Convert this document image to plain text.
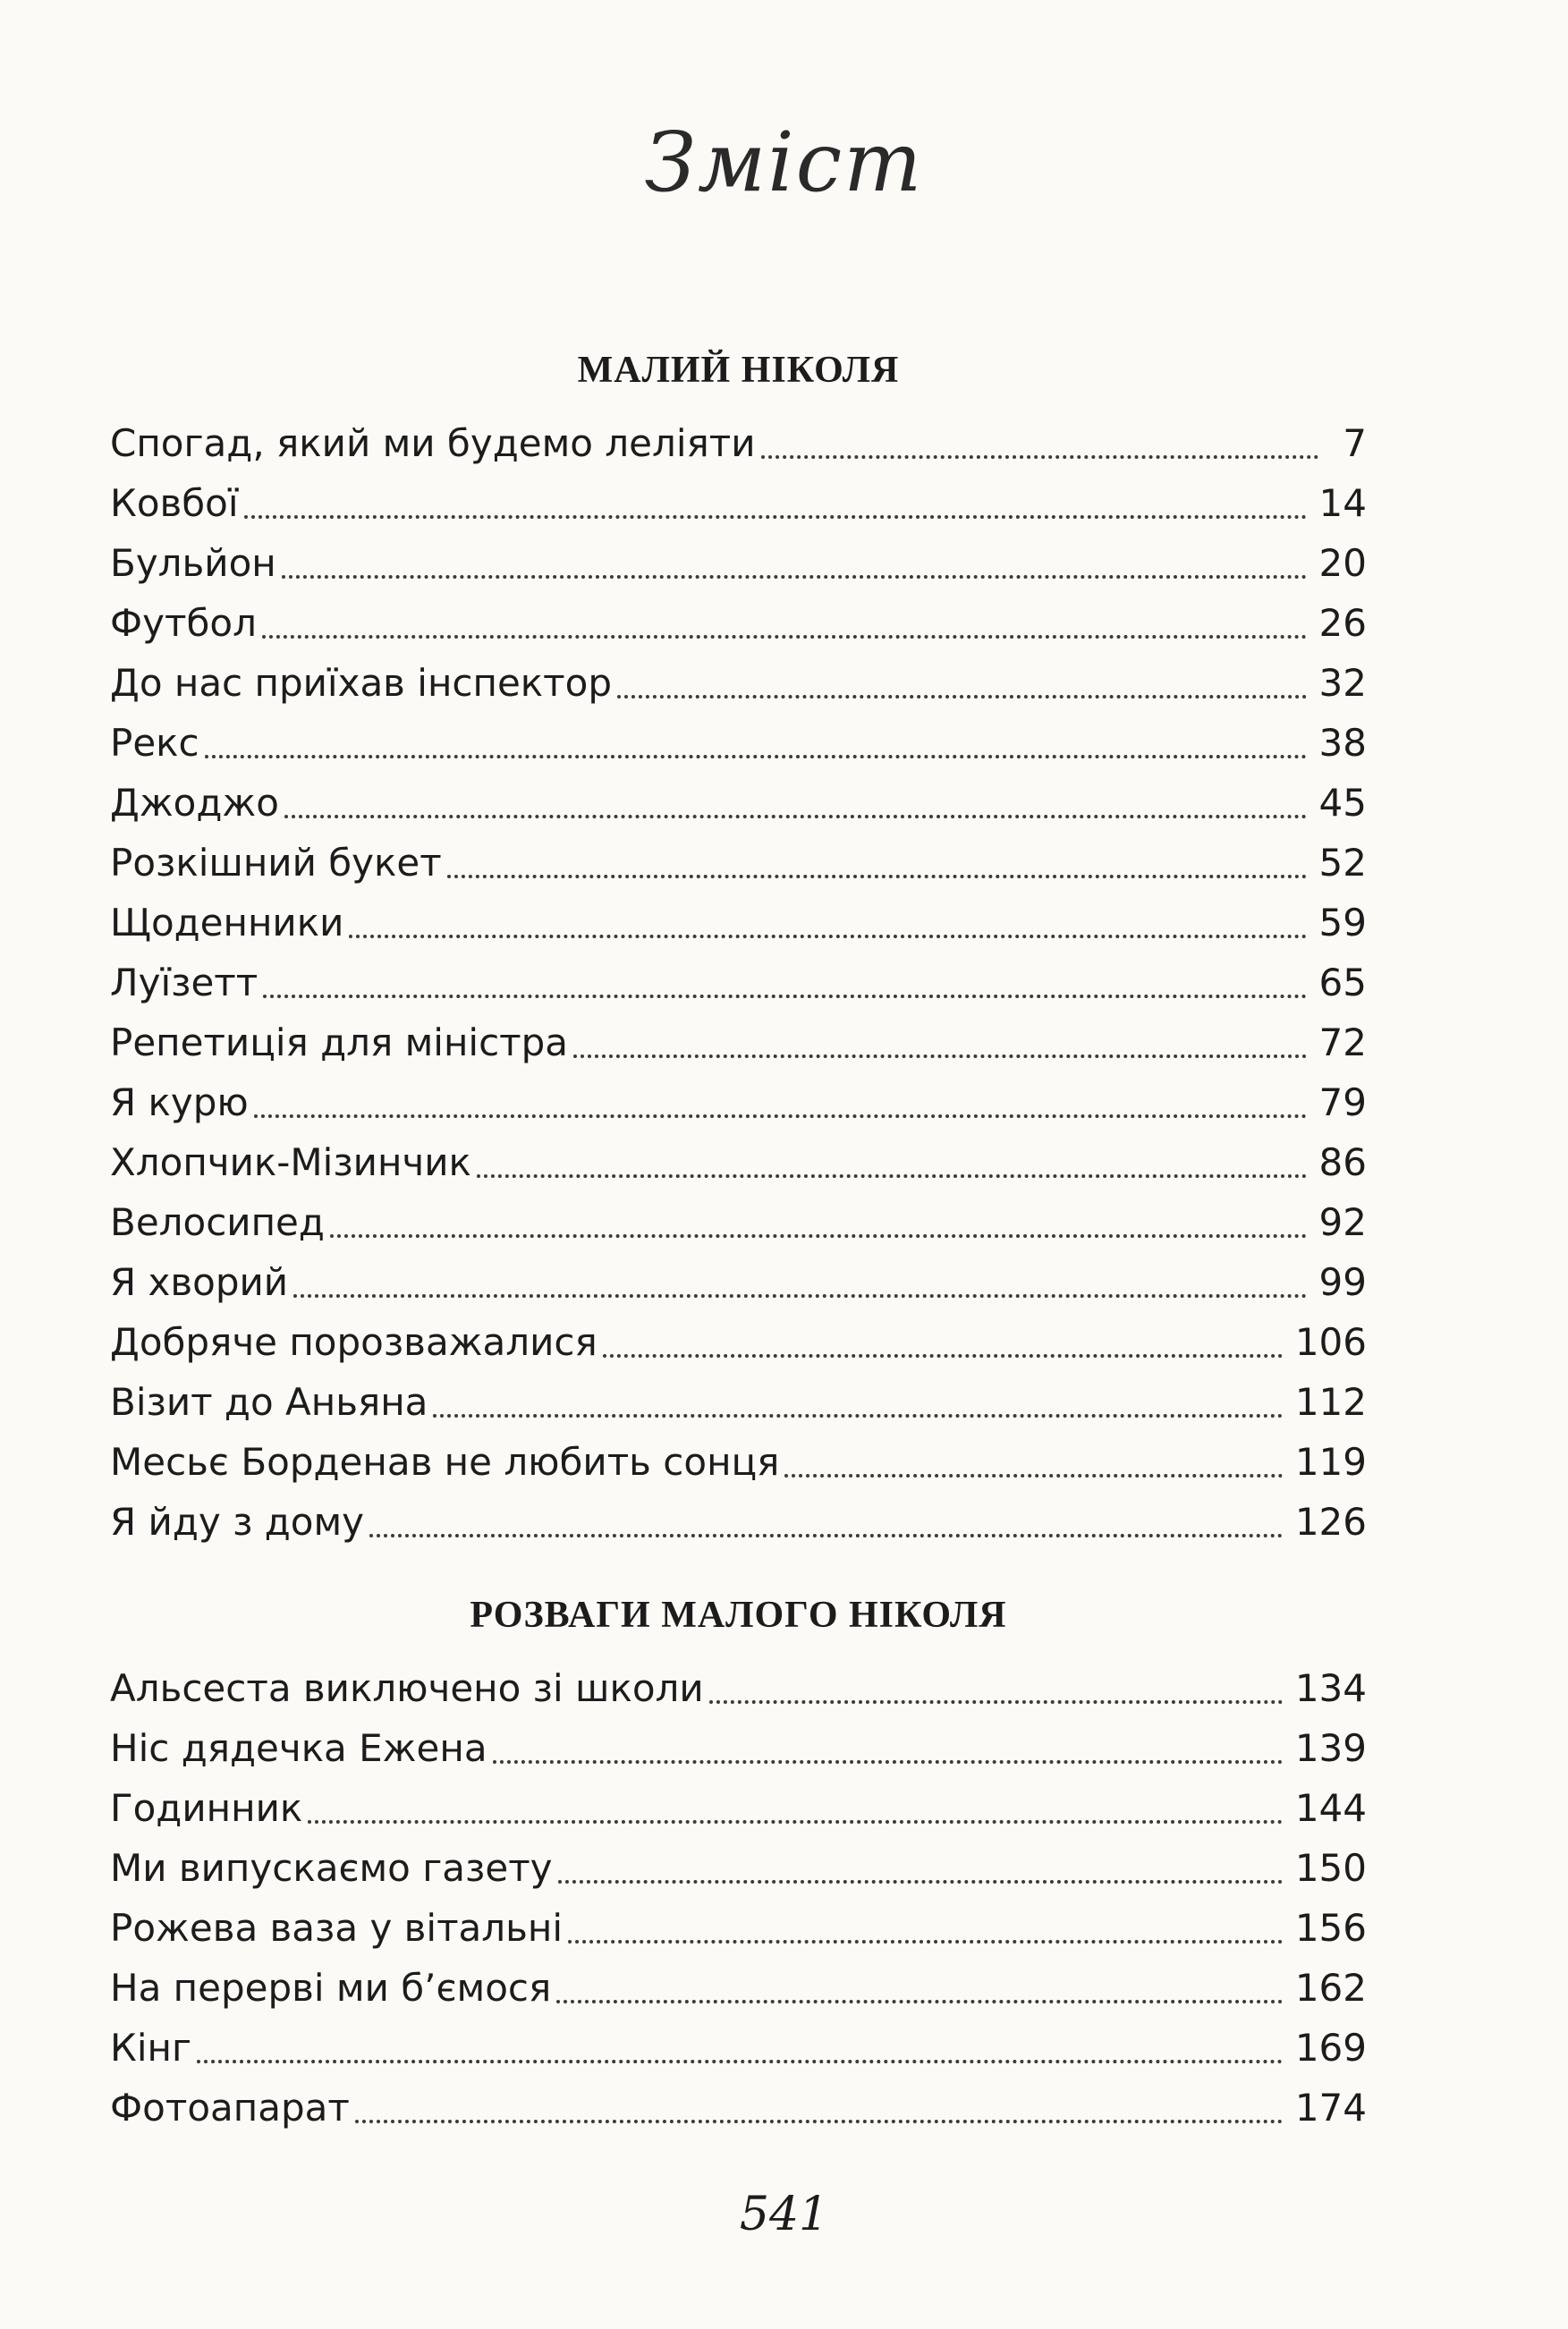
Зміст
МАЛИЙ НІКОЛЯ
Спогад, який ми будемо леліяти	7
Ковбої	14
Бульйон	20
Футбол	26
До нас приїхав інспектор	32
Рекс	38
Джоджо	45
Розкішний букет	52
Щоденники	59
Луїзетт	65
Репетиція для міністра	72
Я курю	79
Хлопчик-Мізинчик	86
Велосипед	92
Я хворий	99
Добряче порозважалися	106
Візит до Аньяна	112
Месьє Борденав не любить сонця	119
Я йду з дому	126
РОЗВАГИ МАЛОГО НІКОЛЯ
Альсеста виключено зі школи	134
Ніс дядечка Ежена	139
Годинник	144
Ми випускаємо газету	150
Рожева ваза у вітальні	156
На перерві ми б’ємося	162
Кінг	169
Фотоапарат	174
541
